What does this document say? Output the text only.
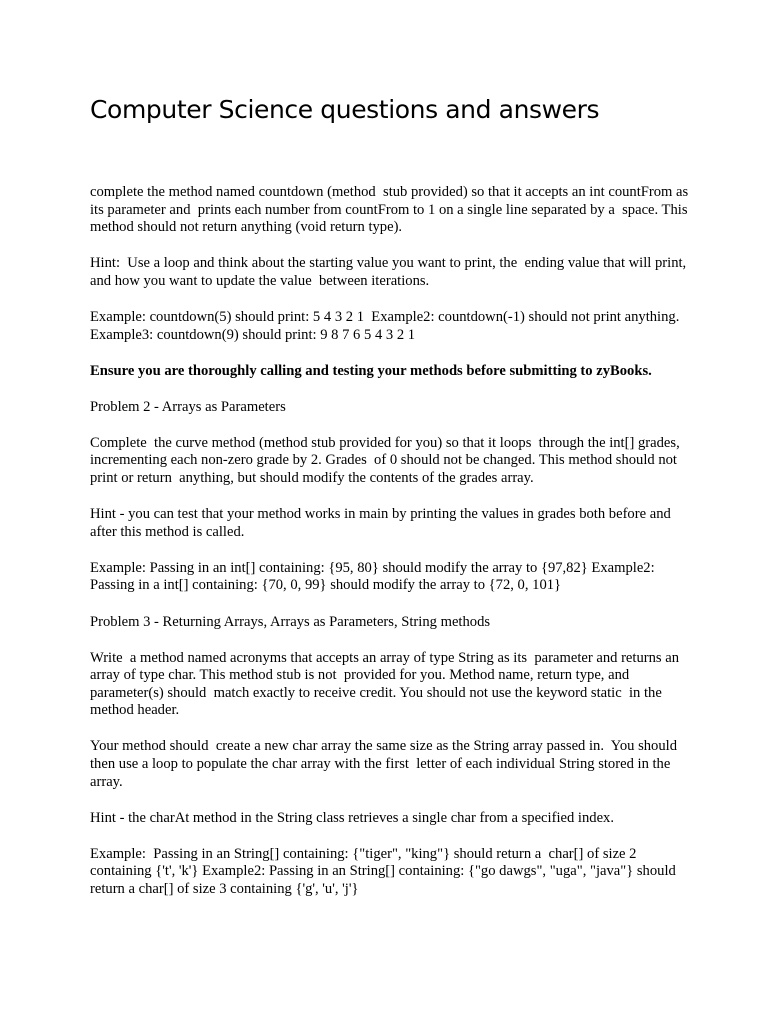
Computer Science questions and answers

complete the method named countdown (method  stub provided) so that it accepts an int countFrom as its parameter and  prints each number from countFrom to 1 on a single line separated by a  space. This method should not return anything (void return type).

Hint:  Use a loop and think about the starting value you want to print, the  ending value that will print, and how you want to update the value  between iterations.

Example: countdown(5) should print: 5 4 3 2 1  Example2: countdown(-1) should not print anything. Example3: countdown(9) should print: 9 8 7 6 5 4 3 2 1

Ensure you are thoroughly calling and testing your methods before submitting to zyBooks.

Problem 2 - Arrays as Parameters

Complete  the curve method (method stub provided for you) so that it loops  through the int[] grades, incrementing each non-zero grade by 2. Grades  of 0 should not be changed. This method should not print or return  anything, but should modify the contents of the grades array.

Hint - you can test that your method works in main by printing the values in grades both before and after this method is called.

Example: Passing in an int[] containing: {95, 80} should modify the array to {97,82} Example2: Passing in a int[] containing: {70, 0, 99} should modify the array to {72, 0, 101}

Problem 3 - Returning Arrays, Arrays as Parameters, String methods

Write  a method named acronyms that accepts an array of type String as its  parameter and returns an array of type char. This method stub is not  provided for you. Method name, return type, and parameter(s) should  match exactly to receive credit. You should not use the keyword static  in the method header.

Your method should  create a new char array the same size as the String array passed in.  You should then use a loop to populate the char array with the first  letter of each individual String stored in the array.

Hint - the charAt method in the String class retrieves a single char from a specified index.

Example:  Passing in an String[] containing: {"tiger", "king"} should return a  char[] of size 2 containing {'t', 'k'} Example2: Passing in an String[] containing: {"go dawgs", "uga", "java"} should return a char[] of size 3 containing {'g', 'u', 'j'}
